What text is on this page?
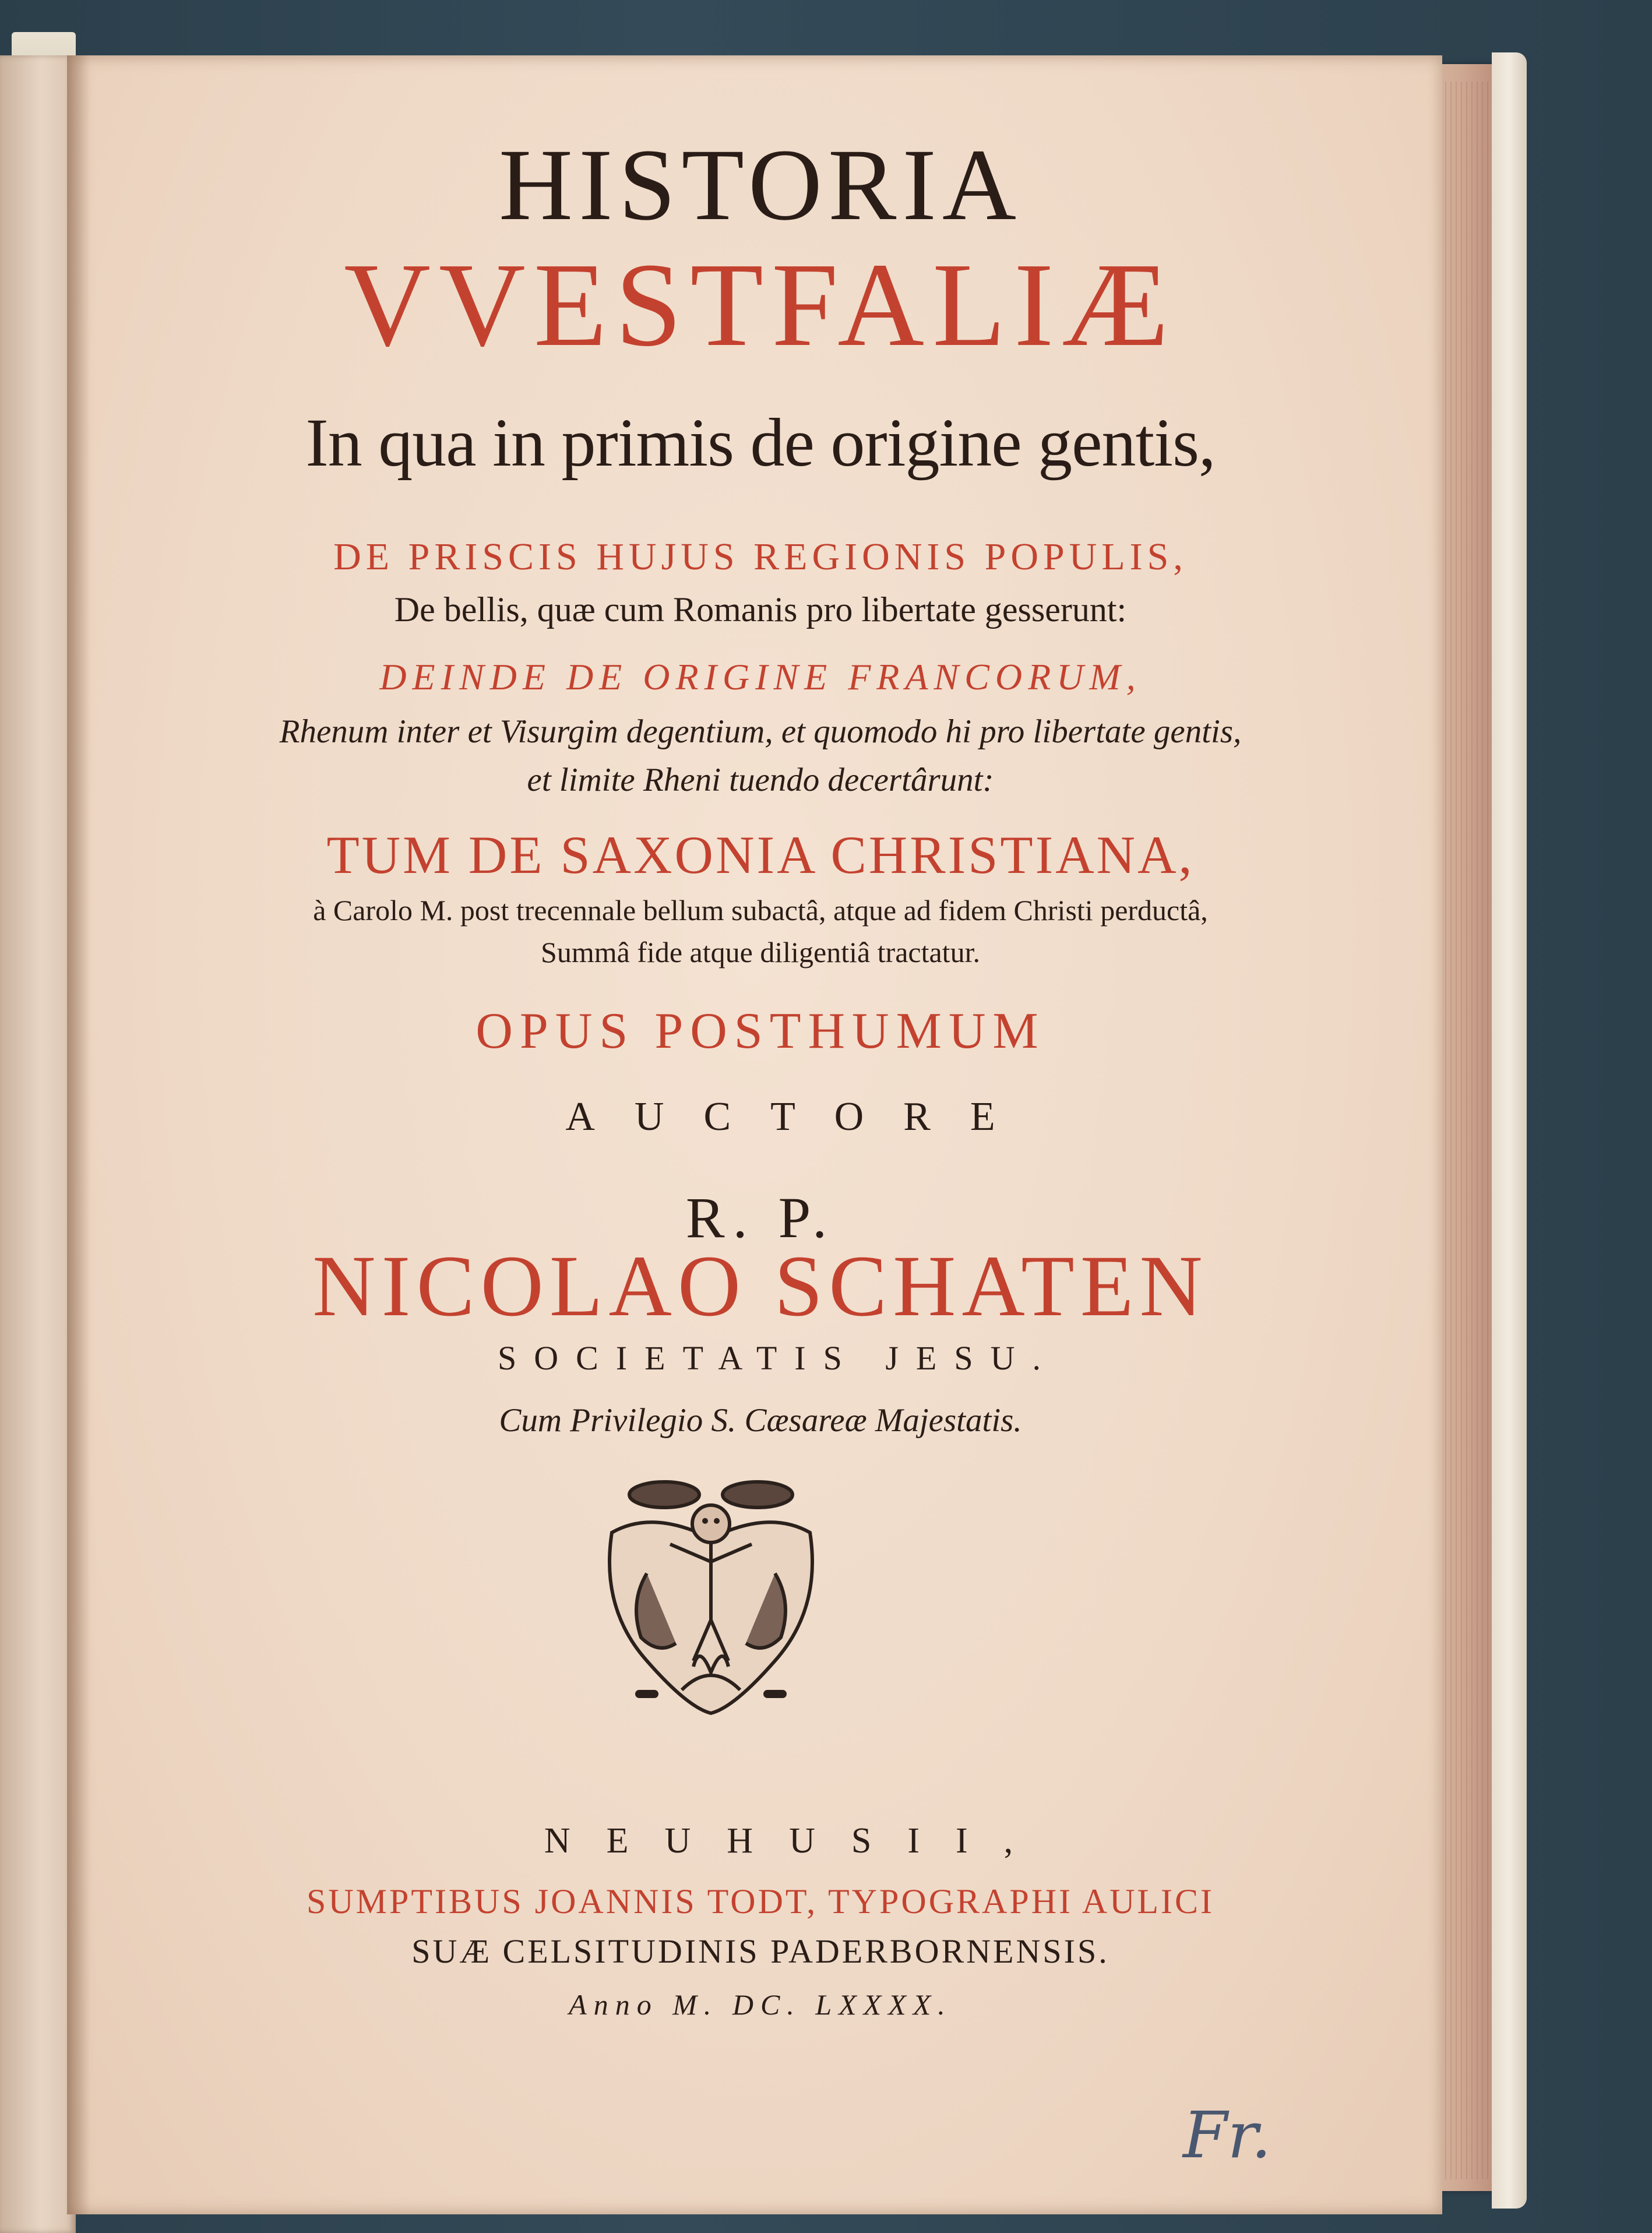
HISTORIA
VVESTFALIÆ
In qua in primis de origine gentis,
DE PRISCIS HUJUS REGIONIS POPULIS,
De bellis, quæ cum Romanis pro libertate gesserunt:
DEINDE DE ORIGINE FRANCORUM,
Rhenum inter et Visurgim degentium, et quomodo hi pro libertate gentis,
et limite Rheni tuendo decertârunt:
TUM DE SAXONIA CHRISTIANA,
à Carolo M. post trecennale bellum subactâ, atque ad fidem Christi perductâ,
Summâ fide atque diligentiâ tractatur.
OPUS POSTHUMUM
AUCTORE
R. P.
NICOLAO SCHATEN
SOCIETATIS JESU.
Cum Privilegio S. Cæsareæ Majestatis.
NEUHUSII,
SUMPTIBUS JOANNIS TODT, TYPOGRAPHI AULICI
SUÆ CELSITUDINIS PADERBORNENSIS.
Anno M. DC. LXXXX.
Fr.
